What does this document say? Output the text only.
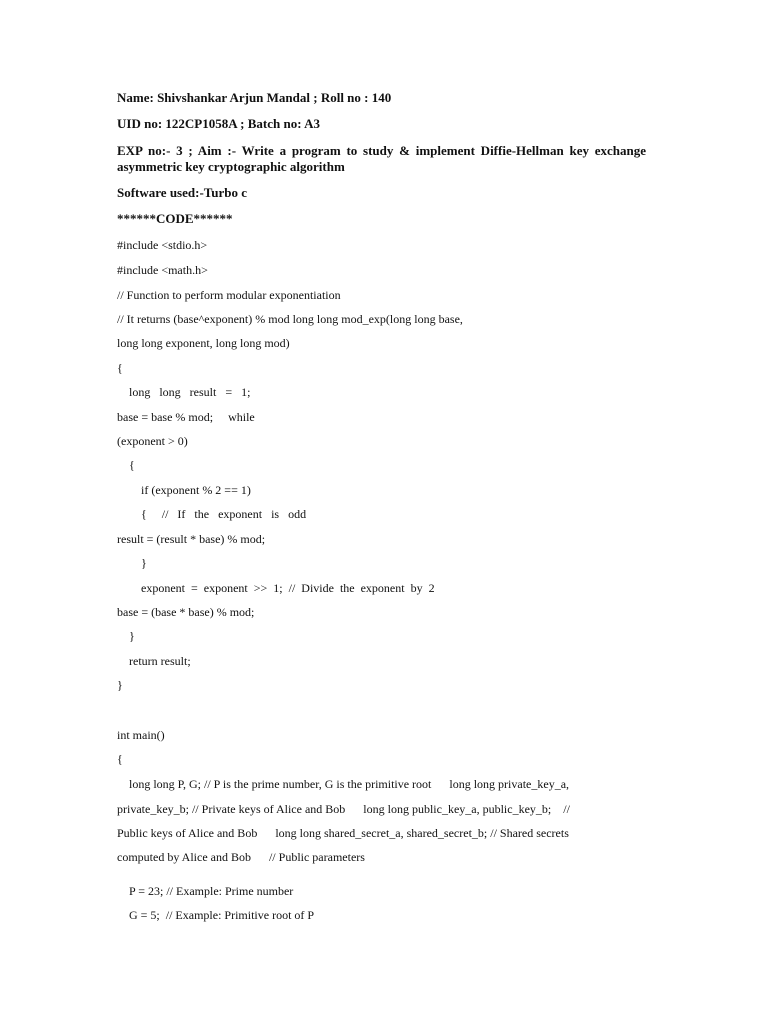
Name: Shivshankar Arjun Mandal ; Roll no : 140
UID no: 122CP1058A ; Batch no: A3
EXP no:- 3 ; Aim :- Write a program to study & implement Diffie-Hellman key exchange
asymmetric key cryptographic algorithm
Software used:-Turbo c
******CODE******
#include <stdio.h>
#include <math.h>
// Function to perform modular exponentiation
// It returns (base^exponent) % mod long long mod_exp(long long base,
long long exponent, long long mod)
{
long   long   result   =   1;
base = base % mod;     while
(exponent > 0)
{
if (exponent % 2 == 1)
{     //   If   the   exponent   is   odd
result = (result * base) % mod;
}
exponent  =  exponent  >>  1;  //  Divide  the  exponent  by  2
base = (base * base) % mod;
}
return result;
}
int main()
{
long long P, G; // P is the prime number, G is the primitive root      long long private_key_a,
private_key_b; // Private keys of Alice and Bob      long long public_key_a, public_key_b;    //
Public keys of Alice and Bob      long long shared_secret_a, shared_secret_b; // Shared secrets
computed by Alice and Bob      // Public parameters
P = 23; // Example: Prime number
G = 5;  // Example: Primitive root of P
